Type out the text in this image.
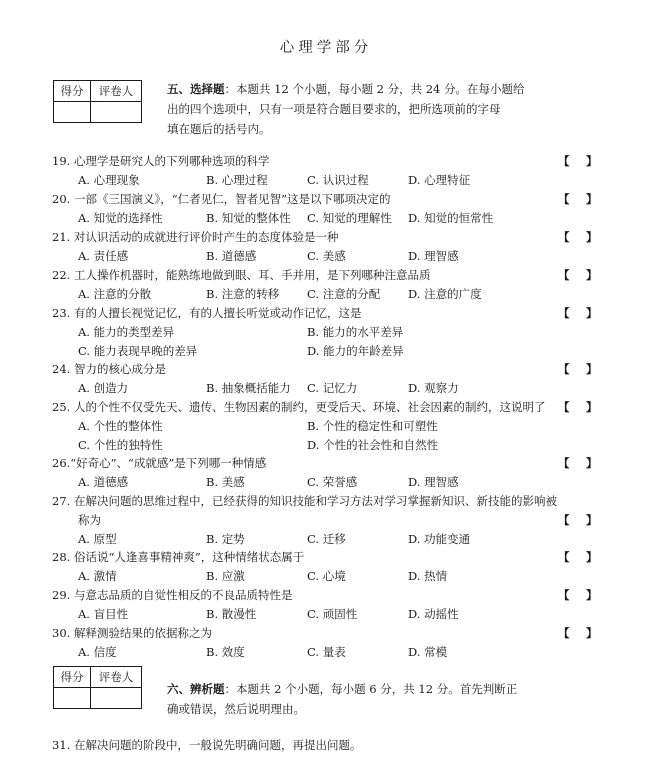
心理学部分
得分	评卷人
		五、选择题：本题共 12 个小题，每小题 2 分，共 24 分。在每小题给
出的四个选项中，只有一项是符合题目要求的，把所选项前的字母
填在题后的括号内。
19. 心理学是研究人的下列哪种选项的科学	【 】
A. 心理现象	B. 心理过程	C. 认识过程	D. 心理特征
20. 一部《三国演义》，“仁者见仁，智者见智”这是以下哪项决定的	【 】
A. 知觉的选择性	B. 知觉的整体性 C. 知觉的理解性 D. 知觉的恒常性
21. 对认识活动的成就进行评价时产生的态度体验是一种	【 】
A. 责任感	B. 道德感	C. 美感	D. 理智感
22. 工人操作机器时，能熟练地做到眼、耳、手并用，是下列哪种注意品质	【 】
A. 注意的分散	B. 注意的转移 C. 注意的分配 D. 注意的广度
23. 有的人擅长视觉记忆，有的人擅长听觉或动作记忆，这是	【 】
A. 能力的类型差异	B. 能力的水平差异
C. 能力表现早晚的差异	D. 能力的年龄差异
24. 智力的核心成分是	【 】
A. 创造力	B. 抽象概括能力 C. 记忆力	D. 观察力
25. 人的个性不仅受先天、遗传、生物因素的制约，更受后天、环境、社会因素的制约，这说明了 【 】
A. 个性的整体性	B. 个性的稳定性和可塑性
C. 个性的独特性	D. 个性的社会性和自然性
26.“好奇心”、“成就感”是下列哪一种情感	【 】
A. 道德感	B. 美感	C. 荣誉感	D. 理智感
27. 在解决问题的思维过程中，已经获得的知识技能和学习方法对学习掌握新知识、新技能的影响被
称为	【 】
A. 原型	B. 定势	C. 迁移	D. 功能变通
28. 俗话说“人逢喜事精神爽”，这种情绪状态属于	【 】
A. 激情	B. 应激	C. 心境	D. 热情
29. 与意志品质的自觉性相反的不良品质特性是	【 】
A. 盲目性	B. 散漫性	C. 顽固性	D. 动摇性
30. 解释测验结果的依据称之为	【 】
A. 信度	B. 效度	C. 量表	D. 常模
得分	评卷人

六、辨析题：本题共 2 个小题，每小题 6 分，共 12 分。首先判断正
确或错误，然后说明理由。
31. 在解决问题的阶段中，一般说先明确问题，再提出问题。
